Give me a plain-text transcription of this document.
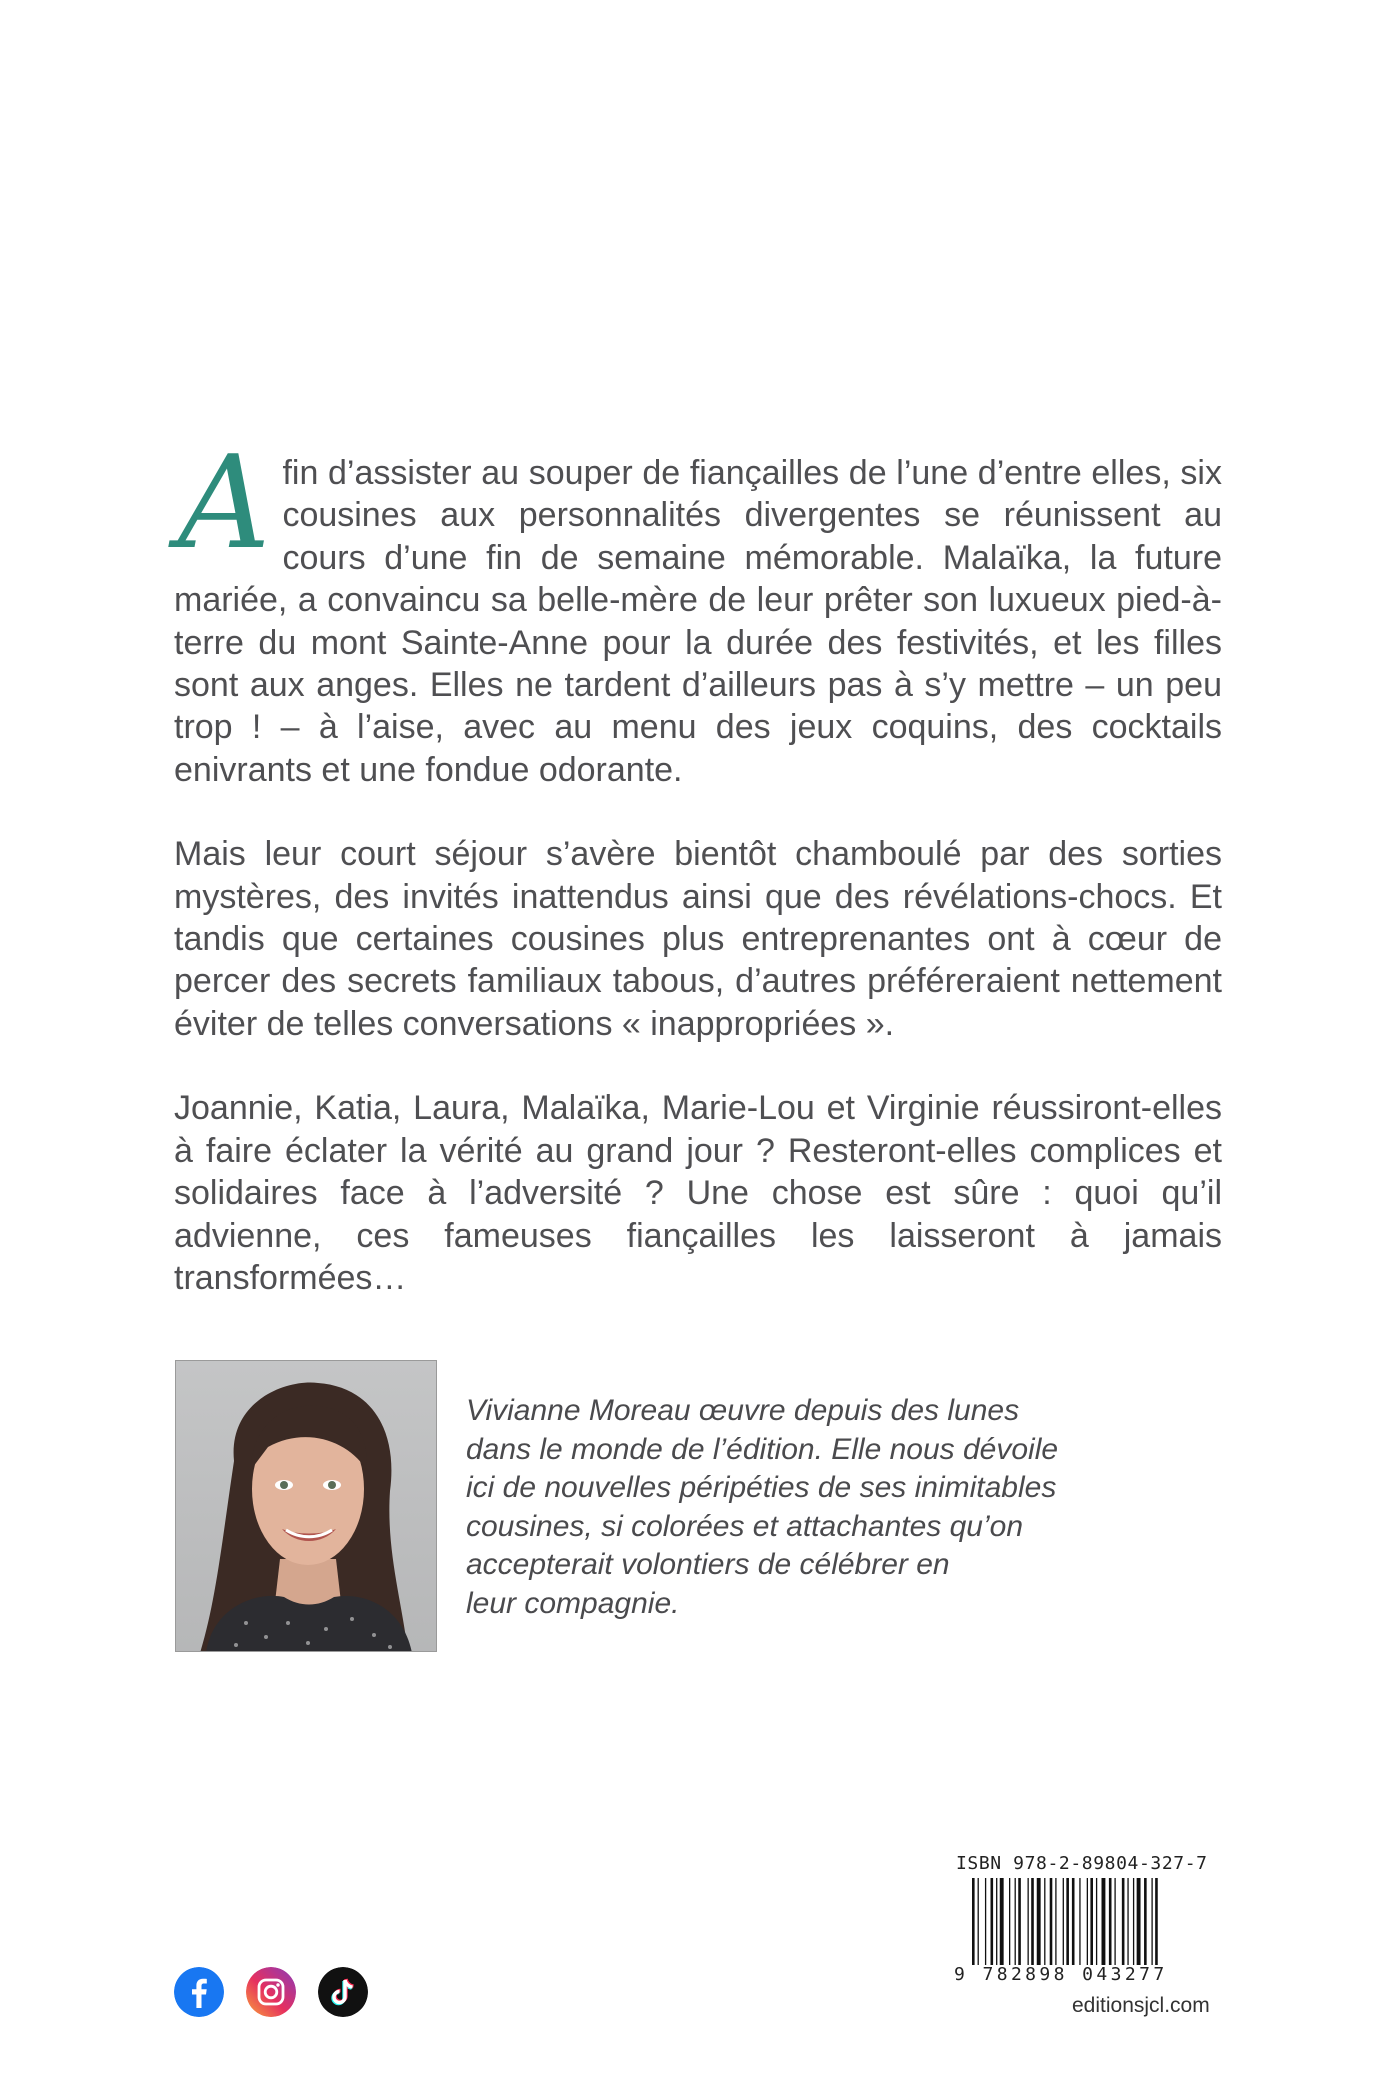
A fin d’assister au souper de fiançailles de l’une d’entre elles, six cousines aux personnalités divergentes se réunissent au cours d’une fin de semaine mémorable. Malaïka, la future mariée, a convaincu sa belle-mère de leur prêter son luxueux pied-à-terre du mont Sainte-Anne pour la durée des festivités, et les filles sont aux anges. Elles ne tardent d’ailleurs pas à s’y mettre – un peu trop ! – à l’aise, avec au menu des jeux coquins, des cocktails enivrants et une fondue odorante.

Mais leur court séjour s’avère bientôt chamboulé par des sorties mystères, des invités inattendus ainsi que des révélations-chocs. Et tandis que certaines cousines plus entreprenantes ont à cœur de percer des secrets familiaux tabous, d’autres préféreraient nettement éviter de telles conversations « inappropriées ».

Joannie, Katia, Laura, Malaïka, Marie-Lou et Virginie réussiront-elles à faire éclater la vérité au grand jour ? Resteront-elles complices et solidaires face à l’adversité ? Une chose est sûre : quoi qu’il advienne, ces fameuses fiançailles les laisseront à jamais transformées…

Vivianne Moreau œuvre depuis des lunes

dans le monde de l’édition. Elle nous dévoile

ici de nouvelles péripéties de ses inimitables

cousines, si colorées et attachantes qu’on

accepterait volontiers de célébrer en

leur compagnie.

ISBN 978-2-89804-327-7
9 782898 043277
editionsjcl.com
